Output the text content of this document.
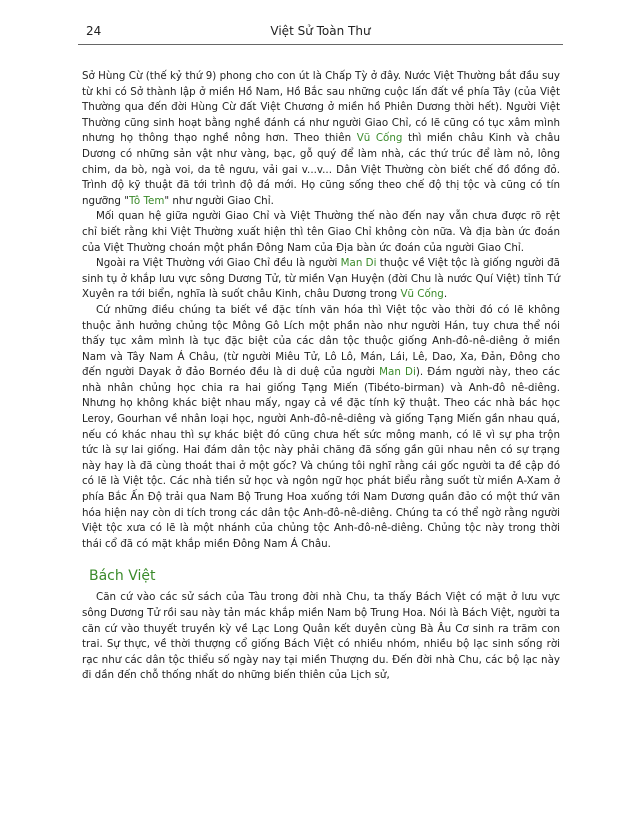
24	Việt Sử Toàn Thư

Sở Hùng Cừ (thế kỷ thứ 9) phong cho con út là Chấp Tỳ ở đây. Nước Việt Thường bắt đầu suy từ khi có Sở thành lập ở miền Hồ Nam, Hồ Bắc sau những cuộc lấn đất về phía Tây (của Việt Thường qua đến đời Hùng Cừ đất Việt Chương ở miền hồ Phiên Dương thời hết). Người Việt Thường cũng sinh hoạt bằng nghề đánh cá như người Giao Chỉ, có lẽ cũng có tục xâm mình nhưng họ thông thạo nghề nông hơn. Theo thiên Vũ Cống thì miền châu Kinh và châu Dương có những sản vật như vàng, bạc, gỗ quý để làm nhà, các thứ trúc để làm nỏ, lông chim, da bò, ngà voi, da tê ngưu, vải gai v...v... Dân Việt Thường còn biết chế đồ đồng đỏ. Trình độ kỹ thuật đã tới trình độ đá mới. Họ cũng sống theo chế độ thị tộc và cũng có tín ngưỡng "Tô Tem" như người Giao Chỉ.

Mối quan hệ giữa người Giao Chỉ và Việt Thường thế nào đến nay vẫn chưa được rõ rệt chỉ biết rằng khi Việt Thường xuất hiện thì tên Giao Chỉ không còn nữa. Và địa bàn ức đoán của Việt Thường choán một phần Đông Nam của Địa bàn ức đoán của người Giao Chỉ.

Ngoài ra Việt Thường với Giao Chỉ đều là người Man Di thuộc về Việt tộc là giống người đã sinh tụ ở khắp lưu vực sông Dương Tử, từ miền Vạn Huyện (đời Chu là nước Quí Việt) tỉnh Tứ Xuyên ra tới biển, nghĩa là suốt châu Kinh, châu Dương trong Vũ Cống.

Cứ những điều chúng ta biết về đặc tính văn hóa thì Việt tộc vào thời đó có lẽ không thuộc ảnh hưởng chủng tộc Mông Gô Lích một phần nào như người Hán, tuy chưa thể nói thấy tục xâm mình là tục đặc biệt của các dân tộc thuộc giống Anh-đô-nê-diêng ở miền Nam và Tây Nam Á Châu, (từ người Miêu Tử, Lô Lô, Mán, Lái, Lê, Dao, Xa, Đản, Đông cho đến người Dayak ở đảo Bornéo đều là di duệ của người Man Di). Đám người này, theo các nhà nhân chủng học chia ra hai giống Tạng Miến (Tibéto-birman) và Anh-đô nê-diêng. Nhưng họ không khác biệt nhau mấy, ngay cả về đặc tính kỹ thuật. Theo các nhà bác học Leroy, Gourhan về nhân loại học, người Anh-đô-nê-diêng và giống Tạng Miến gần nhau quá, nếu có khác nhau thì sự khác biệt đó cũng chưa hết sức mông manh, có lẽ vì sự pha trộn tức là sự lai giống. Hai đám dân tộc này phải chăng đã sống gần gũi nhau nên có sự trạng này hay là đã cùng thoát thai ở một gốc? Và chúng tôi nghĩ rằng cái gốc người ta đề cập đó có lẽ là Việt tộc. Các nhà tiền sử học và ngôn ngữ học phát biểu rằng suốt từ miền A-Xam ở phía Bắc Ấn Độ trải qua Nam Bộ Trung Hoa xuống tới Nam Dương quần đảo có một thứ văn hóa hiện nay còn di tích trong các dân tộc Anh-đô-nê-diêng. Chúng ta có thể ngờ rằng người Việt tộc xưa có lẽ là một nhánh của chủng tộc Anh-đô-nê-diêng. Chủng tộc này trong thời thái cổ đã có mặt khắp miền Đông Nam Á Châu.

Bách Việt

Căn cứ vào các sử sách của Tàu trong đời nhà Chu, ta thấy Bách Việt có mặt ở lưu vực sông Dương Tử rồi sau này tản mác khắp miền Nam bộ Trung Hoa. Nói là Bách Việt, người ta căn cứ vào thuyết truyền kỳ về Lạc Long Quân kết duyên cùng Bà Âu Cơ sinh ra trăm con trai. Sự thực, về thời thượng cổ giống Bách Việt có nhiều nhóm, nhiều bộ lạc sinh sống rời rạc như các dân tộc thiểu số ngày nay tại miền Thượng du. Đến đời nhà Chu, các bộ lạc này đi dần đến chỗ thống nhất do những biến thiên của Lịch sử,
